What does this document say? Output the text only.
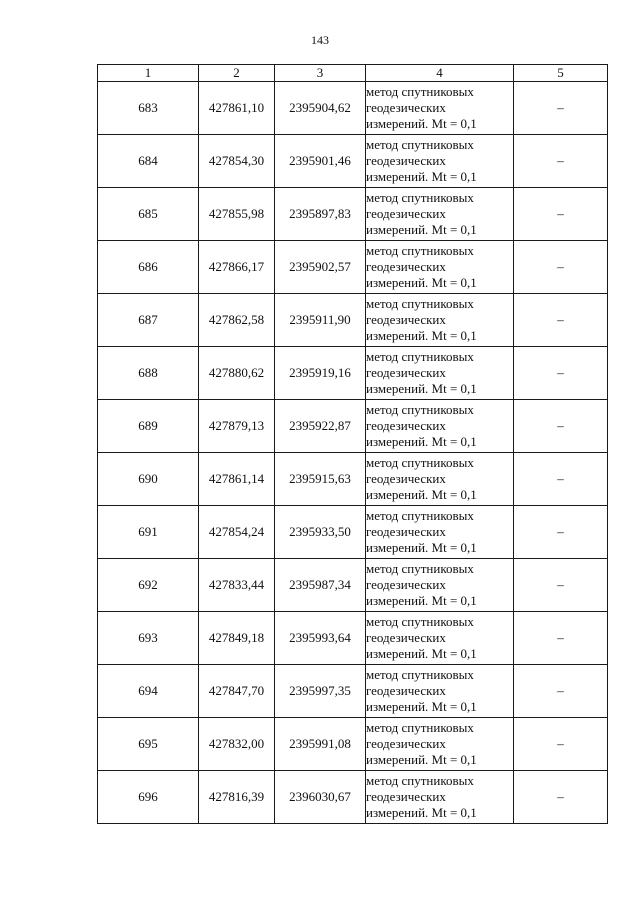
143
1	2	3	4	5
683	427861,10	2395904,62	метод спутниковых
геодезических
измерений. Mt = 0,1	–
684	427854,30	2395901,46	метод спутниковых
геодезических
измерений. Mt = 0,1	–
685	427855,98	2395897,83	метод спутниковых
геодезических
измерений. Mt = 0,1	–
686	427866,17	2395902,57	метод спутниковых
геодезических
измерений. Mt = 0,1	–
687	427862,58	2395911,90	метод спутниковых
геодезических
измерений. Mt = 0,1	–
688	427880,62	2395919,16	метод спутниковых
геодезических
измерений. Mt = 0,1	–
689	427879,13	2395922,87	метод спутниковых
геодезических
измерений. Mt = 0,1	–
690	427861,14	2395915,63	метод спутниковых
геодезических
измерений. Mt = 0,1	–
691	427854,24	2395933,50	метод спутниковых
геодезических
измерений. Mt = 0,1	–
692	427833,44	2395987,34	метод спутниковых
геодезических
измерений. Mt = 0,1	–
693	427849,18	2395993,64	метод спутниковых
геодезических
измерений. Mt = 0,1	–
694	427847,70	2395997,35	метод спутниковых
геодезических
измерений. Mt = 0,1	–
695	427832,00	2395991,08	метод спутниковых
геодезических
измерений. Mt = 0,1	–
696	427816,39	2396030,67	метод спутниковых
геодезических
измерений. Mt = 0,1	–
